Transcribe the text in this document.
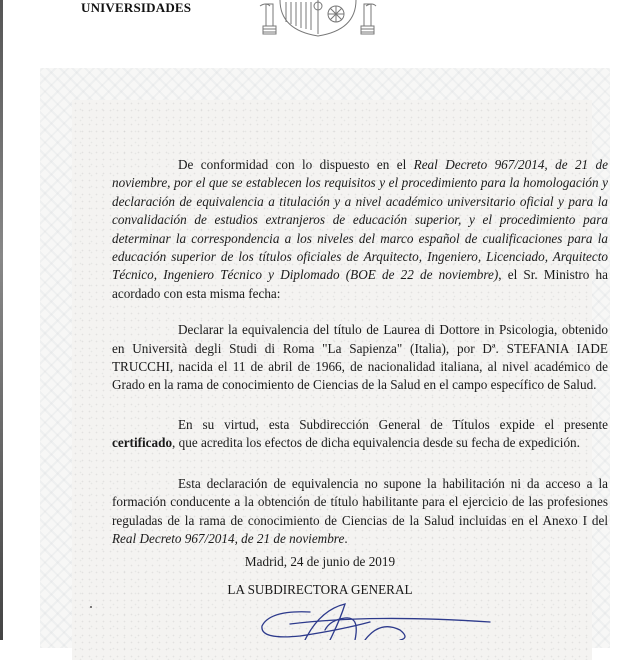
UNIVERSIDADES

De conformidad con lo dispuesto en el Real Decreto 967/2014, de 21 de noviembre, por el que se establecen los requisitos y el procedimiento para la homologación y declaración de equivalencia a titulación y a nivel académico universitario oficial y para la convalidación de estudios extranjeros de educación superior, y el procedimiento para determinar la correspondencia a los niveles del marco español de cualificaciones para la educación superior de los títulos oficiales de Arquitecto, Ingeniero, Licenciado, Arquitecto Técnico, Ingeniero Técnico y Diplomado (BOE de 22 de noviembre), el Sr. Ministro ha acordado con esta misma fecha:

Declarar la equivalencia del título de Laurea di Dottore in Psicologia, obtenido en Università degli Studi di Roma "La Sapienza" (Italia), por Dª. STEFANIA IADE TRUCCHI, nacida el 11 de abril de 1966, de nacionalidad italiana, al nivel académico de Grado en la rama de conocimiento de Ciencias de la Salud en el campo específico de Salud.

En su virtud, esta Subdirección General de Títulos expide el presente certificado, que acredita los efectos de dicha equivalencia desde su fecha de expedición.

Esta declaración de equivalencia no supone la habilitación ni da acceso a la formación conducente a la obtención de título habilitante para el ejercicio de las profesiones reguladas de la rama de conocimiento de Ciencias de la Salud incluidas en el Anexo I del Real Decreto 967/2014, de 21 de noviembre.

Madrid, 24 de junio de 2019
LA SUBDIRECTORA GENERAL
